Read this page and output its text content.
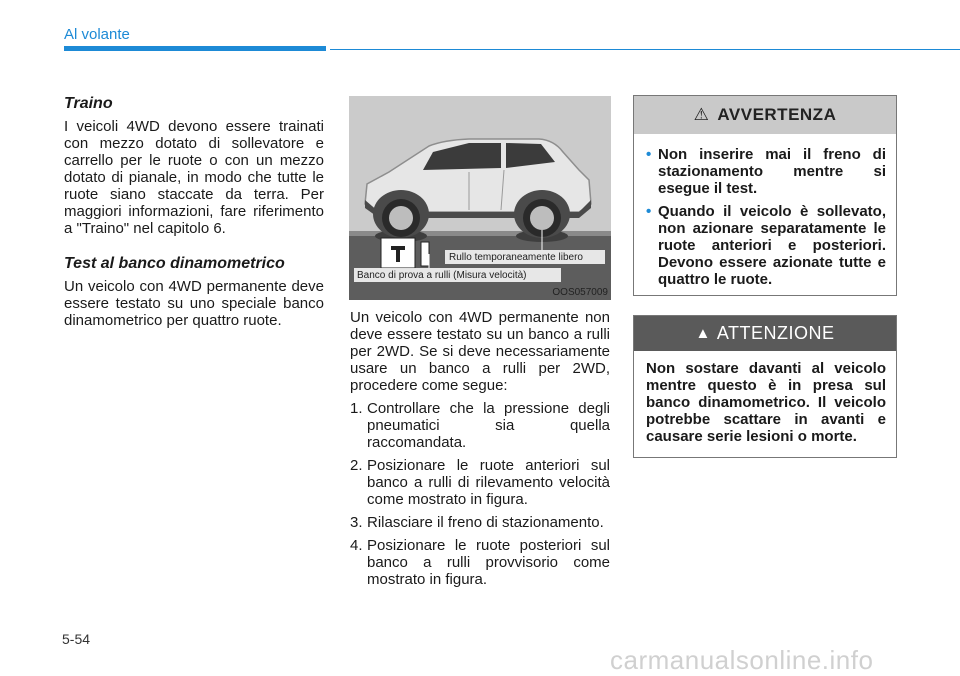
Al volante
Traino

I veicoli 4WD devono essere trainati con mezzo dotato di sollevatore e carrello per le ruote o con un mezzo dotato di pianale, in modo che tutte le ruote siano staccate da terra. Per maggiori informazioni, fare riferimento a "Traino" nel capitolo 6.

Test al banco dinamometrico

Un veicolo con 4WD permanente deve essere testato su uno speciale banco dinamometrico per quattro ruote.

Rullo temporaneamente libero
Banco di prova a rulli (Misura velocità)
OOS057009

Un veicolo con 4WD permanente non deve essere testato su un banco a rulli per 2WD. Se si deve necessariamente usare un banco a rulli per 2WD, procedere come segue:

1. Controllare che la pressione degli pneumatici sia quella raccomandata.
2. Posizionare le ruote anteriori sul banco a rulli di rilevamento velocità come mostrato in figura.
3. Rilasciare il freno di stazionamento.
4. Posizionare le ruote posteriori sul banco a rulli provvisorio come mostrato in figura.
⚠ AVVERTENZA
• Non inserire mai il freno di stazionamento mentre si esegue il test.
• Quando il veicolo è sollevato, non azionare separatamente le ruote anteriori e posteriori. Devono essere azionate tutte e quattro le ruote.
▲ ATTENZIONE

Non sostare davanti al veicolo mentre questo è in presa sul banco dinamometrico. Il veicolo potrebbe scattare in avanti e causare serie lesioni o morte.

5-54
carmanualsonline.info
